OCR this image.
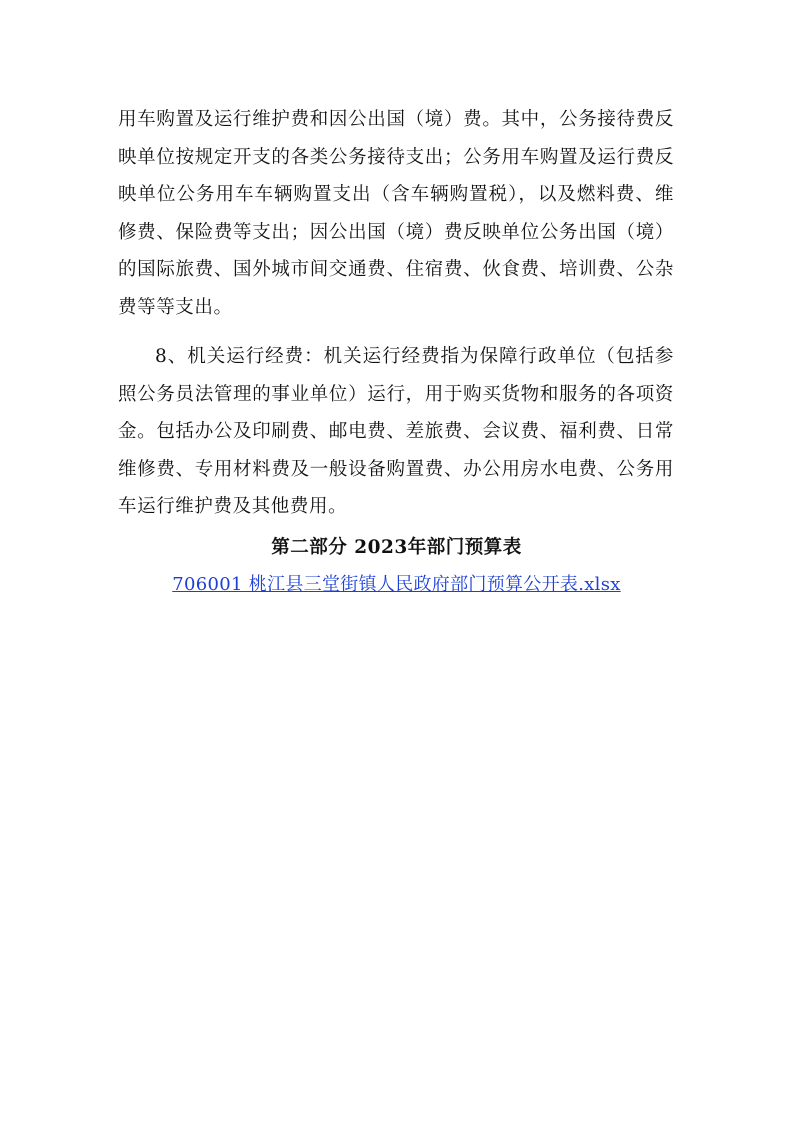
用车购置及运行维护费和因公出国（境）费。其中，公务接待费反映单位按规定开支的各类公务接待支出；公务用车购置及运行费反映单位公务用车车辆购置支出（含车辆购置税），以及燃料费、维修费、保险费等支出；因公出国（境）费反映单位公务出国（境）的国际旅费、国外城市间交通费、住宿费、伙食费、培训费、公杂费等等支出。

8、机关运行经费：机关运行经费指为保障行政单位（包括参照公务员法管理的事业单位）运行，用于购买货物和服务的各项资金。包括办公及印刷费、邮电费、差旅费、会议费、福利费、日常维修费、专用材料费及一般设备购置费、办公用房水电费、公务用车运行维护费及其他费用。

第二部分 2023年部门预算表
706001 桃江县三堂街镇人民政府部门预算公开表.xlsx
